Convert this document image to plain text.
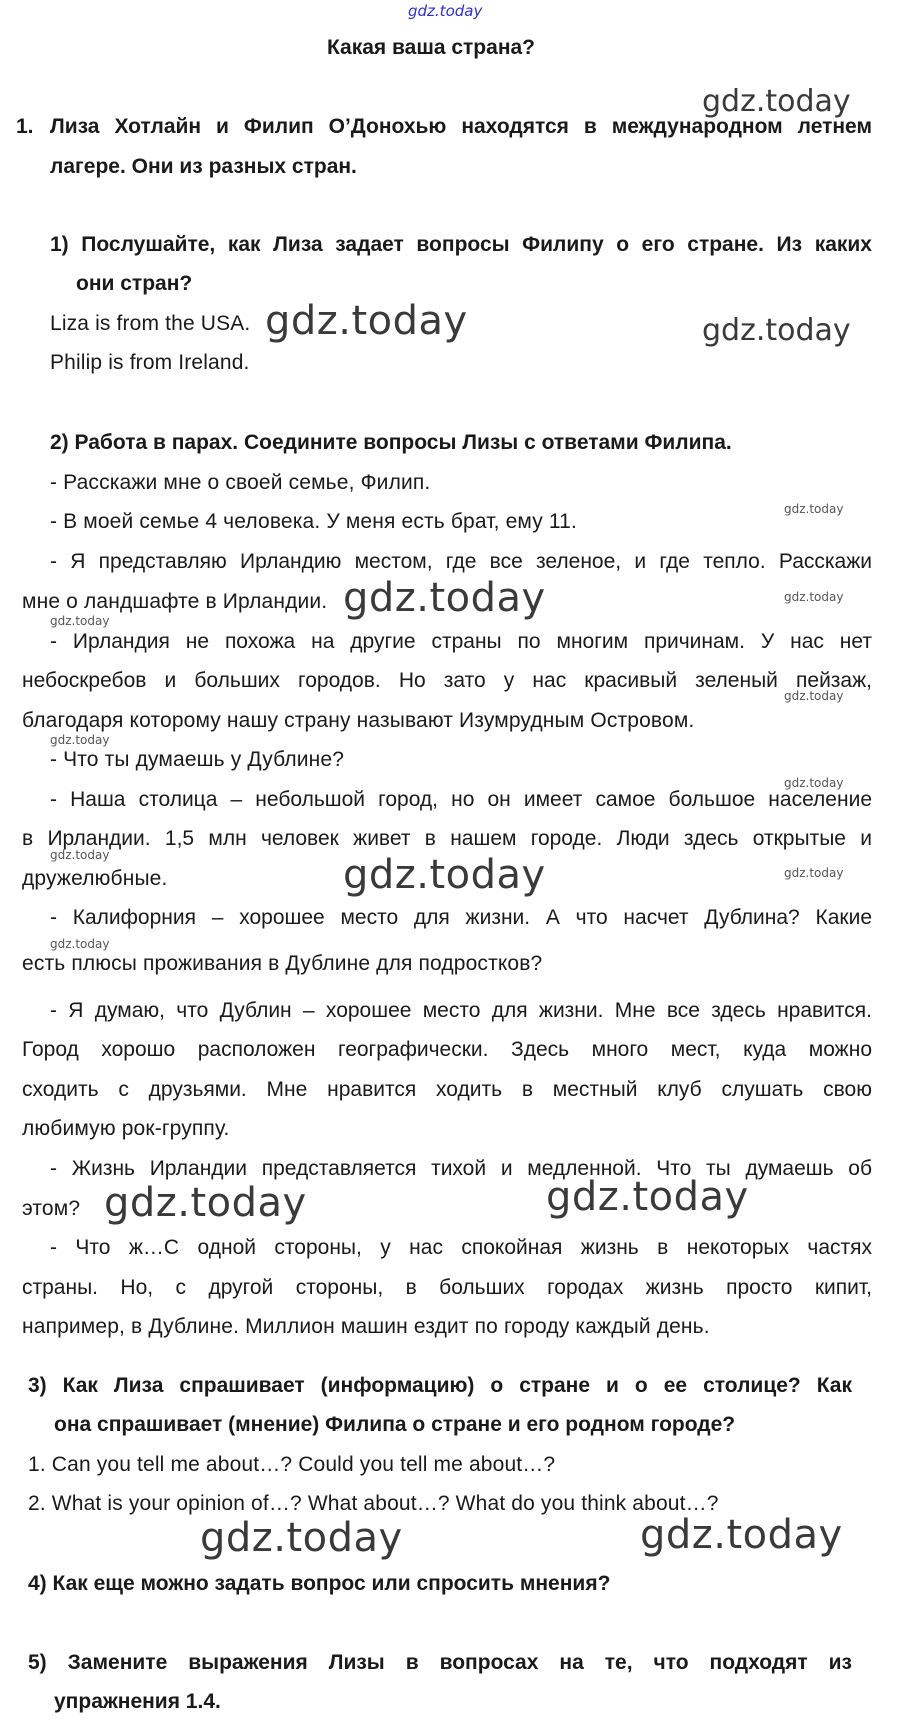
gdz.today
Какая ваша страна?
1. Лиза Хотлайн и Филип О’Донохью находятся в международном летнем
лагере. Они из разных стран.
1) Послушайте, как Лиза задает вопросы Филипу о его стране. Из каких
они стран?
Liza is from the USA.
Philip is from Ireland.
2) Работа в парах. Соедините вопросы Лизы с ответами Филипа.
- Расскажи мне о своей семье, Филип.
- В моей семье 4 человека. У меня есть брат, ему 11.
- Я представляю Ирландию местом, где все зеленое, и где тепло. Расскажи
мне о ландшафте в Ирландии.
- Ирландия не похожа на другие страны по многим причинам. У нас нет
небоскребов и больших городов. Но зато у нас красивый зеленый пейзаж,
благодаря которому нашу страну называют Изумрудным Островом.
- Что ты думаешь у Дублине?
- Наша столица – небольшой город, но он имеет самое большое население
в Ирландии. 1,5 млн человек живет в нашем городе. Люди здесь открытые и
дружелюбные.
- Калифорния – хорошее место для жизни. А что насчет Дублина? Какие
есть плюсы проживания в Дублине для подростков?
- Я думаю, что Дублин – хорошее место для жизни. Мне все здесь нравится.
Город хорошо расположен географически. Здесь много мест, куда можно
сходить с друзьями. Мне нравится ходить в местный клуб слушать свою
любимую рок-группу.
- Жизнь Ирландии представляется тихой и медленной. Что ты думаешь об
этом?
- Что ж…С одной стороны, у нас спокойная жизнь в некоторых частях
страны. Но, с другой стороны, в больших городах жизнь просто кипит,
например, в Дублине. Миллион машин ездит по городу каждый день.
3) Как Лиза спрашивает (информацию) о стране и о ее столице? Как
она спрашивает (мнение) Филипа о стране и его родном городе?
1. Can you tell me about…? Could you tell me about…?
2. What is your opinion of…? What about…? What do you think about…?
4) Как еще можно задать вопрос или спросить мнения?
5) Замените выражения Лизы в вопросах на те, что подходят из
упражнения 1.4.
gdz.today
gdz.today	gdz.today
gdz.today
gdz.today	gdz.today
gdz.today
gdz.today
gdz.today
gdz.today
gdz.today	gdz.today	gdz.today
gdz.today
gdz.today	gdz.today
gdz.today	gdz.today
